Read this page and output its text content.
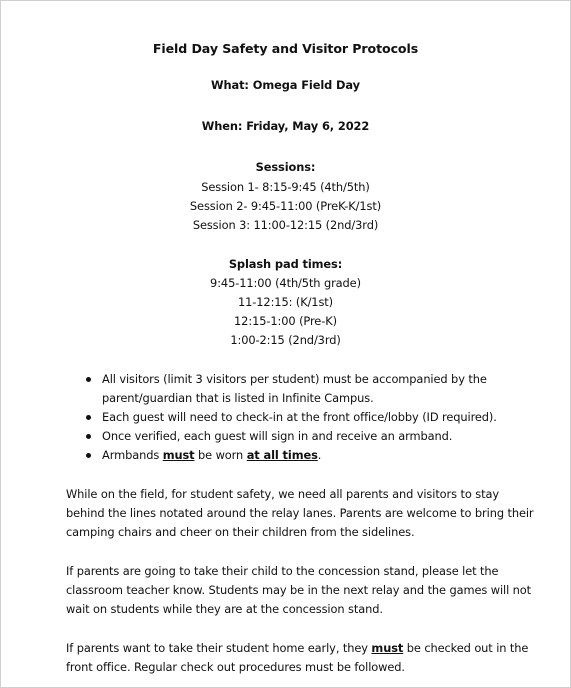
Field Day Safety and Visitor Protocols
What: Omega Field Day
When: Friday, May 6, 2022
Sessions:
Session 1- 8:15-9:45 (4th/5th)
Session 2- 9:45-11:00 (PreK-K/1st)
Session 3: 11:00-12:15 (2nd/3rd)
Splash pad times:
9:45-11:00 (4th/5th grade)
11-12:15: (K/1st)
12:15-1:00 (Pre-K)
1:00-2:15 (2nd/3rd)
All visitors (limit 3 visitors per student) must be accompanied by the
parent/guardian that is listed in Infinite Campus.
Each guest will need to check-in at the front office/lobby (ID required).
Once verified, each guest will sign in and receive an armband.
Armbands must be worn at all times.
While on the field, for student safety, we need all parents and visitors to stay
behind the lines notated around the relay lanes. Parents are welcome to bring their
camping chairs and cheer on their children from the sidelines.
If parents are going to take their child to the concession stand, please let the
classroom teacher know. Students may be in the next relay and the games will not
wait on students while they are at the concession stand.
If parents want to take their student home early, they must be checked out in the
front office. Regular check out procedures must be followed.
